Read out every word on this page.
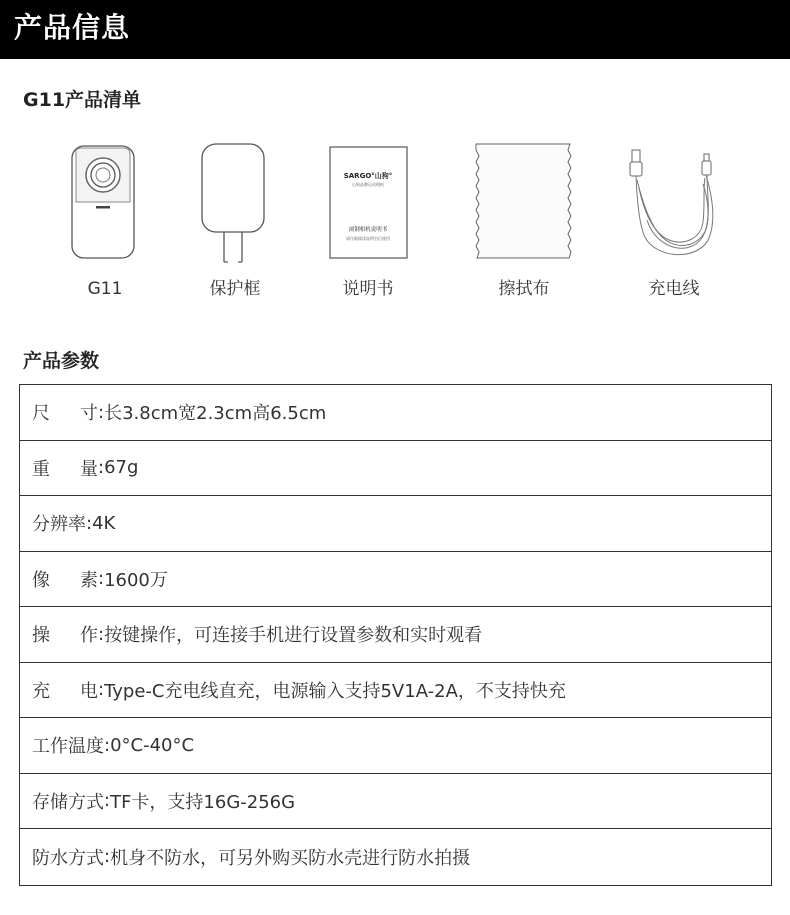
产品信息
G11产品清单
G11	保护框
SARGO°山狗°
山狗品牌运动相机
闹钢相机说明书
请仔细阅读说明书后使用
说明书	擦拭布	充电线
产品参数
尺 寸 : 长3.8cm宽2.3cm高6.5cm
重 量 : 67g
分辨率 : 4K
像 素 : 1600万
操 作 : 按键操作，可连接手机进行设置参数和实时观看
充 电 : Type-C充电线直充，电源输入支持5V1A-2A，不支持快充
工作温度 : 0°C-40°C
存储方式 : TF卡，支持16G-256G
防水方式 : 机身不防水，可另外购买防水壳进行防水拍摄
